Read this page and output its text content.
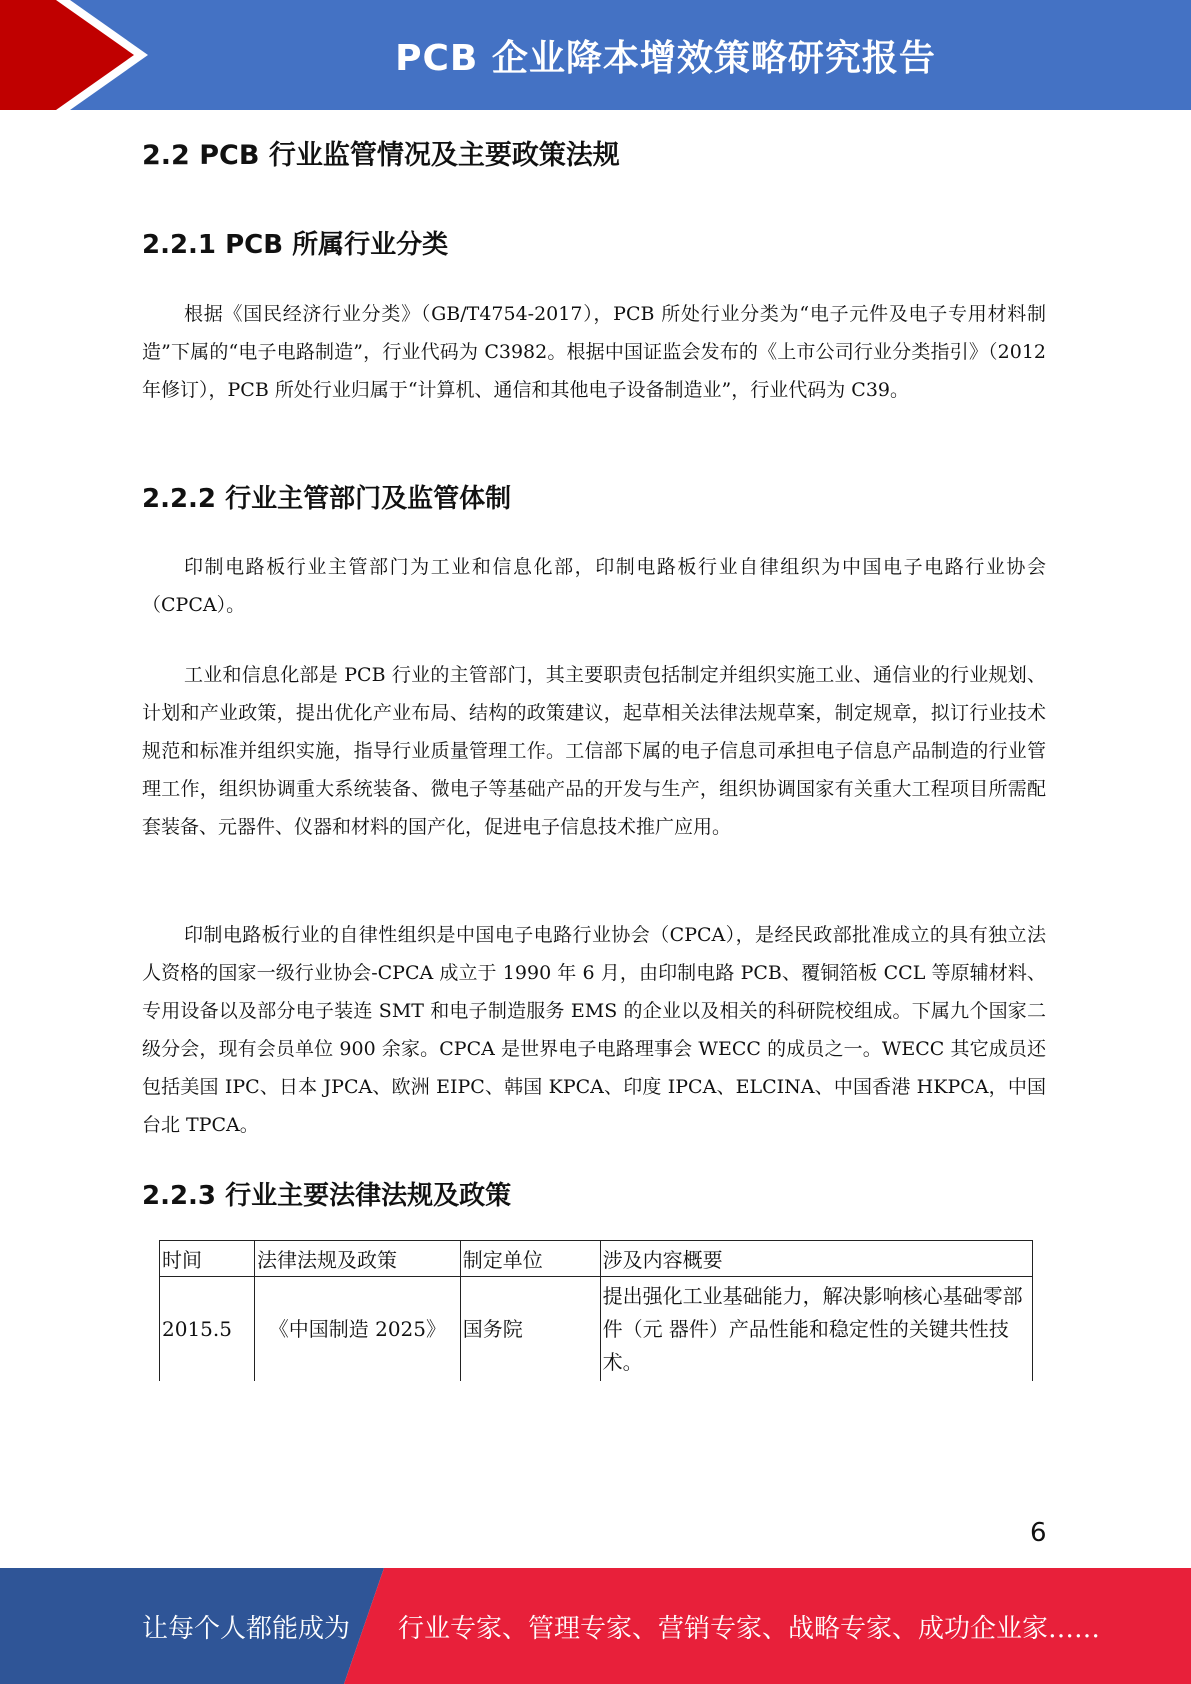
PCB 企业降本增效策略研究报告
2.2 PCB 行业监管情况及主要政策法规
2.2.1 PCB 所属行业分类

根据《国民经济行业分类》（GB/T4754-2017），PCB 所处行业分类为“电子元件及电子专用材料制造”下属的“电子电路制造”，行业代码为 C3982。根据中国证监会发布的《上市公司行业分类指引》（2012 年修订），PCB 所处行业归属于“计算机、通信和其他电子设备制造业”，行业代码为 C39。

2.2.2 行业主管部门及监管体制

印制电路板行业主管部门为工业和信息化部，印制电路板行业自律组织为中国电子电路行业协会（CPCA）。

工业和信息化部是 PCB 行业的主管部门，其主要职责包括制定并组织实施工业、通信业的行业规划、计划和产业政策，提出优化产业布局、结构的政策建议，起草相关法律法规草案，制定规章，拟订行业技术规范和标准并组织实施，指导行业质量管理工作。工信部下属的电子信息司承担电子信息产品制造的行业管理工作，组织协调重大系统装备、微电子等基础产品的开发与生产，组织协调国家有关重大工程项目所需配套装备、元器件、仪器和材料的国产化，促进电子信息技术推广应用。

印制电路板行业的自律性组织是中国电子电路行业协会（CPCA），是经民政部批准成立的具有独立法人资格的国家一级行业协会-CPCA 成立于 1990 年 6 月，由印制电路 PCB、覆铜箔板 CCL 等原辅材料、专用设备以及部分电子装连 SMT 和电子制造服务 EMS 的企业以及相关的科研院校组成。下属九个国家二级分会，现有会员单位 900 余家。CPCA 是世界电子电路理事会 WECC 的成员之一。WECC 其它成员还包括美国 IPC、日本 JPCA、欧洲 EIPC、韩国 KPCA、印度 IPCA、ELCINA、中国香港 HKPCA，中国台北 TPCA。

2.2.3 行业主要法律法规及政策
时间	法律法规及政策	制定单位	涉及内容概要
2015.5	《中国制造 2025》	国务院	提出强化工业基础能力，解决影响核心基础零部件（元 器件）产品性能和稳定性的关键共性技术。
6
让每个人都能成为 行业专家、管理专家、营销专家、战略专家、成功企业家……
